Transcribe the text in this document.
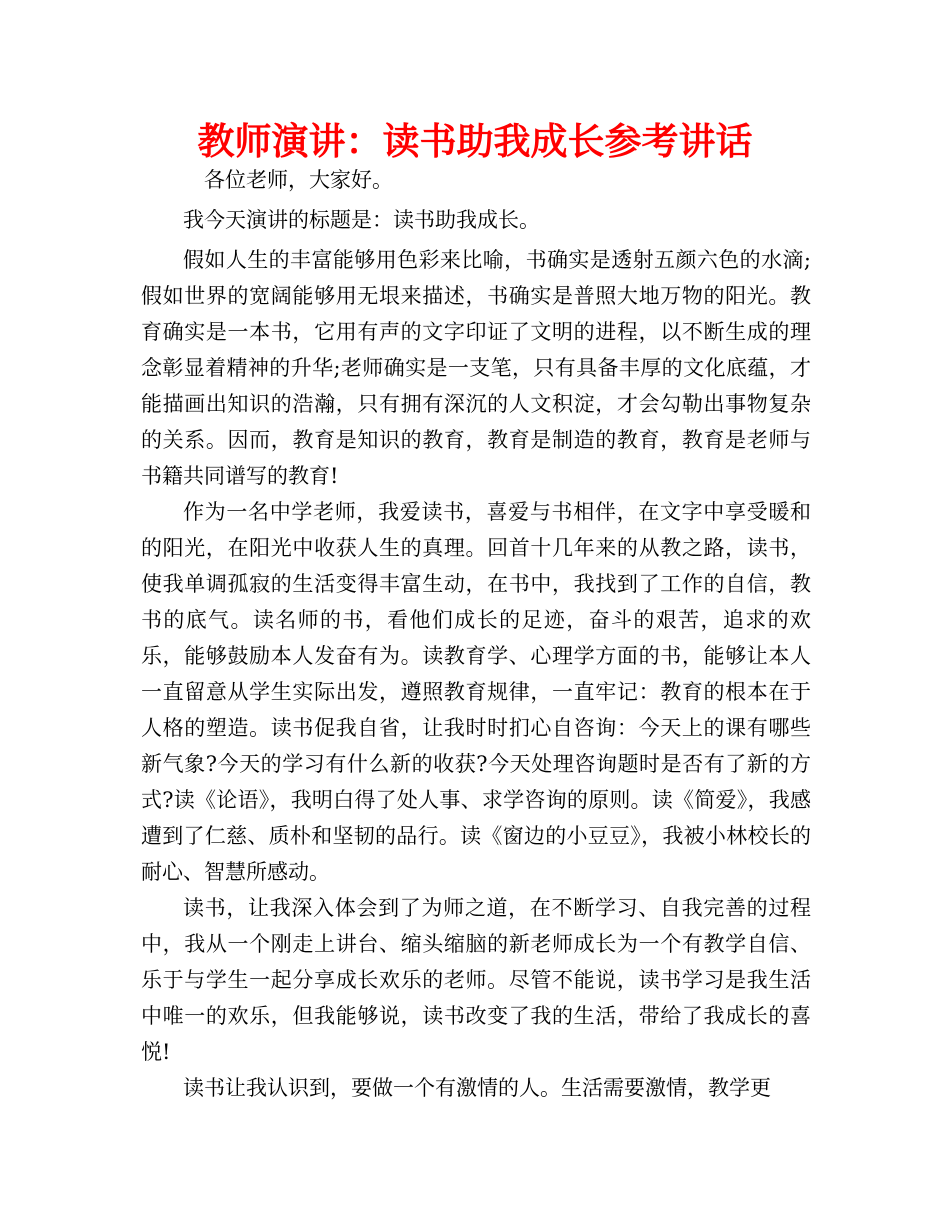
教师演讲：读书助我成长参考讲话

各位老师，大家好。

我今天演讲的标题是：读书助我成长。

假如人生的丰富能够用色彩来比喻，书确实是透射五颜六色的水滴;假如世界的宽阔能够用无垠来描述，书确实是普照大地万物的阳光。教育确实是一本书，它用有声的文字印证了文明的进程，以不断生成的理念彰显着精神的升华;老师确实是一支笔，只有具备丰厚的文化底蕴，才能描画出知识的浩瀚，只有拥有深沉的人文积淀，才会勾勒出事物复杂的关系。因而，教育是知识的教育，教育是制造的教育，教育是老师与书籍共同谱写的教育!

作为一名中学老师，我爱读书，喜爱与书相伴，在文字中享受暖和的阳光，在阳光中收获人生的真理。回首十几年来的从教之路，读书，使我单调孤寂的生活变得丰富生动，在书中，我找到了工作的自信，教书的底气。读名师的书，看他们成长的足迹，奋斗的艰苦，追求的欢乐，能够鼓励本人发奋有为。读教育学、心理学方面的书，能够让本人一直留意从学生实际出发，遵照教育规律，一直牢记：教育的根本在于人格的塑造。读书促我自省，让我时时扪心自咨询：今天上的课有哪些新气象?今天的学习有什么新的收获?今天处理咨询题时是否有了新的方式?读《论语》，我明白得了处人事、求学咨询的原则。读《简爱》，我感遭到了仁慈、质朴和坚韧的品行。读《窗边的小豆豆》，我被小林校长的耐心、智慧所感动。

读书，让我深入体会到了为师之道，在不断学习、自我完善的过程中，我从一个刚走上讲台、缩头缩脑的新老师成长为一个有教学自信、乐于与学生一起分享成长欢乐的老师。尽管不能说，读书学习是我生活中唯一的欢乐，但我能够说，读书改变了我的生活，带给了我成长的喜悦!

读书让我认识到，要做一个有激情的人。生活需要激情，教学更
